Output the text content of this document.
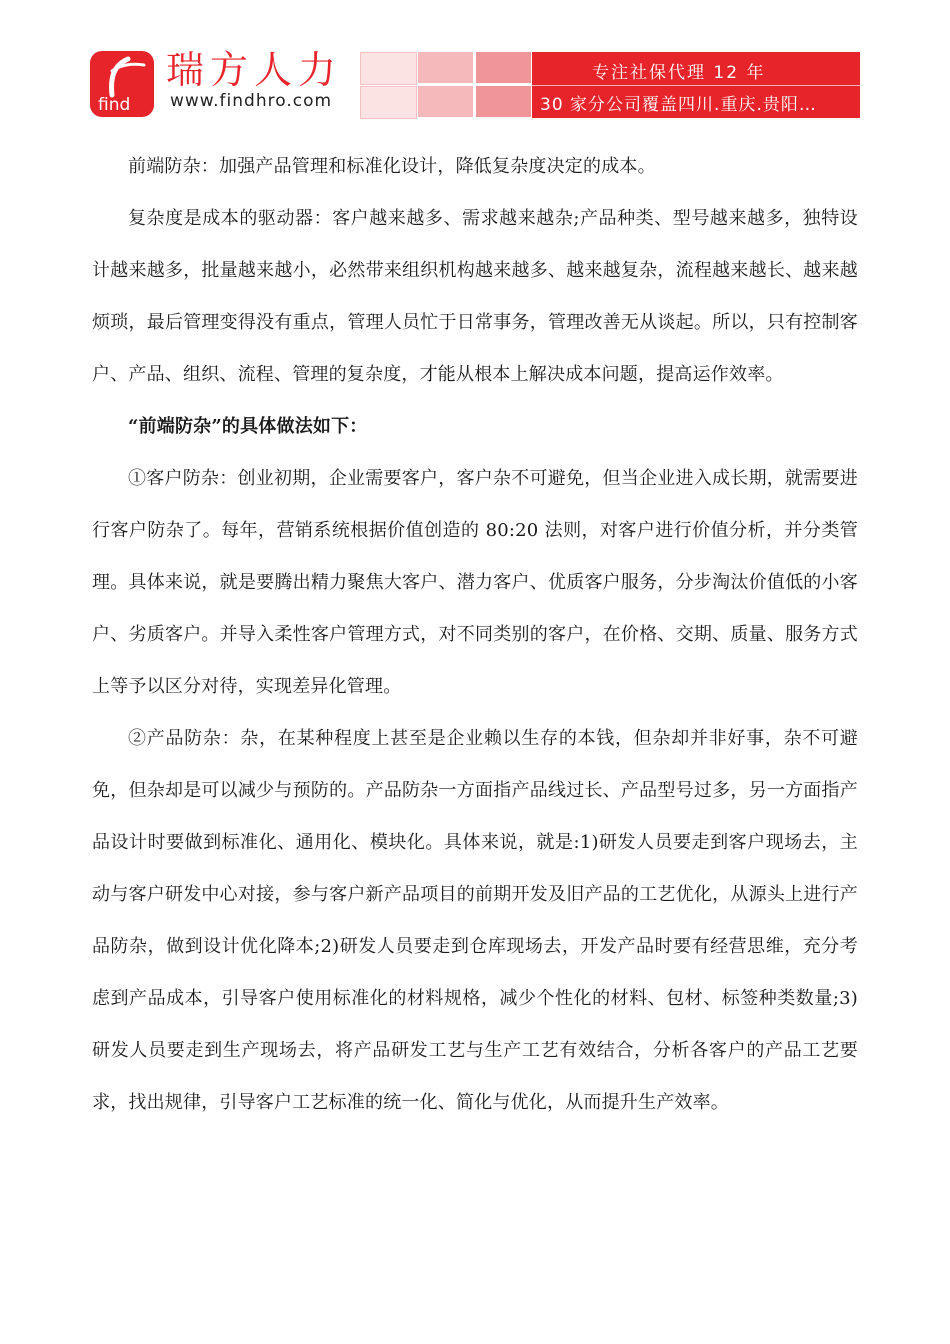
find
瑞方人力
www.findhro.com
专注社保代理 12 年
30 家分公司覆盖四川.重庆.贵阳…

前端防杂：加强产品管理和标准化设计，降低复杂度决定的成本。

复杂度是成本的驱动器：客户越来越多、需求越来越杂;产品种类、型号越来越多，独特设计越来越多，批量越来越小，必然带来组织机构越来越多、越来越复杂，流程越来越长、越来越烦琐，最后管理变得没有重点，管理人员忙于日常事务，管理改善无从谈起。所以，只有控制客户、产品、组织、流程、管理的复杂度，才能从根本上解决成本问题，提高运作效率。

“前端防杂”的具体做法如下：

①客户防杂：创业初期，企业需要客户，客户杂不可避免，但当企业进入成长期，就需要进行客户防杂了。每年，营销系统根据价值创造的 80:20 法则，对客户进行价值分析，并分类管理。具体来说，就是要腾出精力聚焦大客户、潜力客户、优质客户服务，分步淘汰价值低的小客户、劣质客户。并导入柔性客户管理方式，对不同类别的客户，在价格、交期、质量、服务方式上等予以区分对待，实现差异化管理。

②产品防杂：杂，在某种程度上甚至是企业赖以生存的本钱，但杂却并非好事，杂不可避免，但杂却是可以减少与预防的。产品防杂一方面指产品线过长、产品型号过多，另一方面指产品设计时要做到标准化、通用化、模块化。具体来说，就是:1)研发人员要走到客户现场去，主动与客户研发中心对接，参与客户新产品项目的前期开发及旧产品的工艺优化，从源头上进行产品防杂，做到设计优化降本;2)研发人员要走到仓库现场去，开发产品时要有经营思维，充分考虑到产品成本，引导客户使用标准化的材料规格，减少个性化的材料、包材、标签种类数量;3)研发人员要走到生产现场去，将产品研发工艺与生产工艺有效结合，分析各客户的产品工艺要求，找出规律，引导客户工艺标准的统一化、简化与优化，从而提升生产效率。
